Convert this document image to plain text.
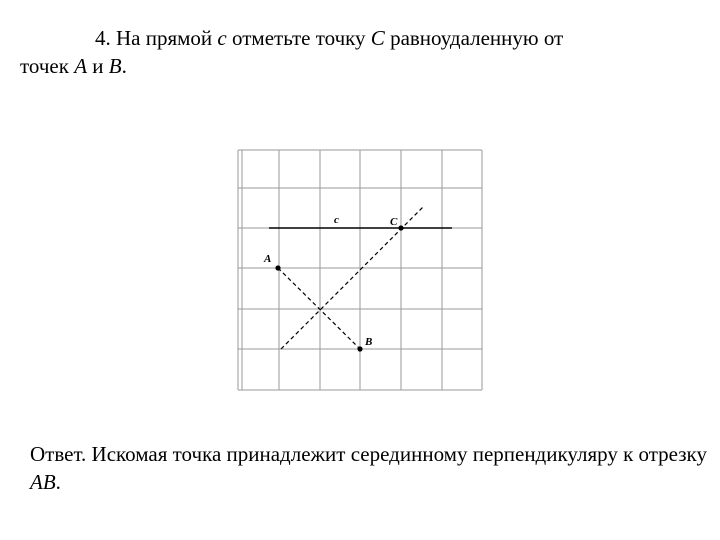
4. На прямой c отметьте точку C равноудаленную от
точек A и B.

c	C
A
B

Ответ. Искомая точка принадлежит серединному перпендикуляру к отрезку AB.
